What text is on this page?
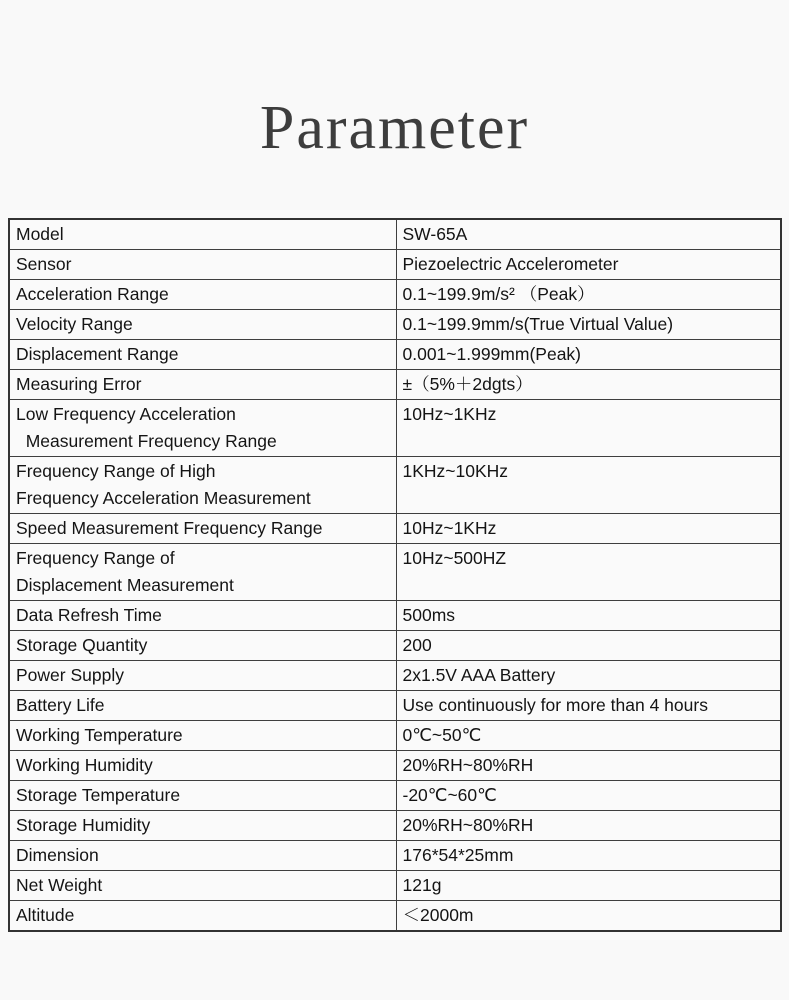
Parameter
Model	SW-65A

Sensor	Piezoelectric Accelerometer

Acceleration Range	0.1~199.9m/s² （Peak）

Velocity Range	0.1~199.9mm/s(True Virtual Value)

Displacement Range	0.001~1.999mm(Peak)

Measuring Error	±（5%＋2dgts）

Low Frequency Acceleration
Measurement Frequency Range	10Hz~1KHz

Frequency Range of High
Frequency Acceleration Measurement	1KHz~10KHz

Speed Measurement Frequency Range	10Hz~1KHz

Frequency Range of
Displacement Measurement	10Hz~500HZ

Data Refresh Time	500ms

Storage Quantity	200

Power Supply	2x1.5V AAA Battery

Battery Life	Use continuously for more than 4 hours

Working Temperature	0℃~50℃

Working Humidity	20%RH~80%RH

Storage Temperature	-20℃~60℃

Storage Humidity	20%RH~80%RH

Dimension	176*54*25mm

Net Weight	121g

Altitude	＜2000m
